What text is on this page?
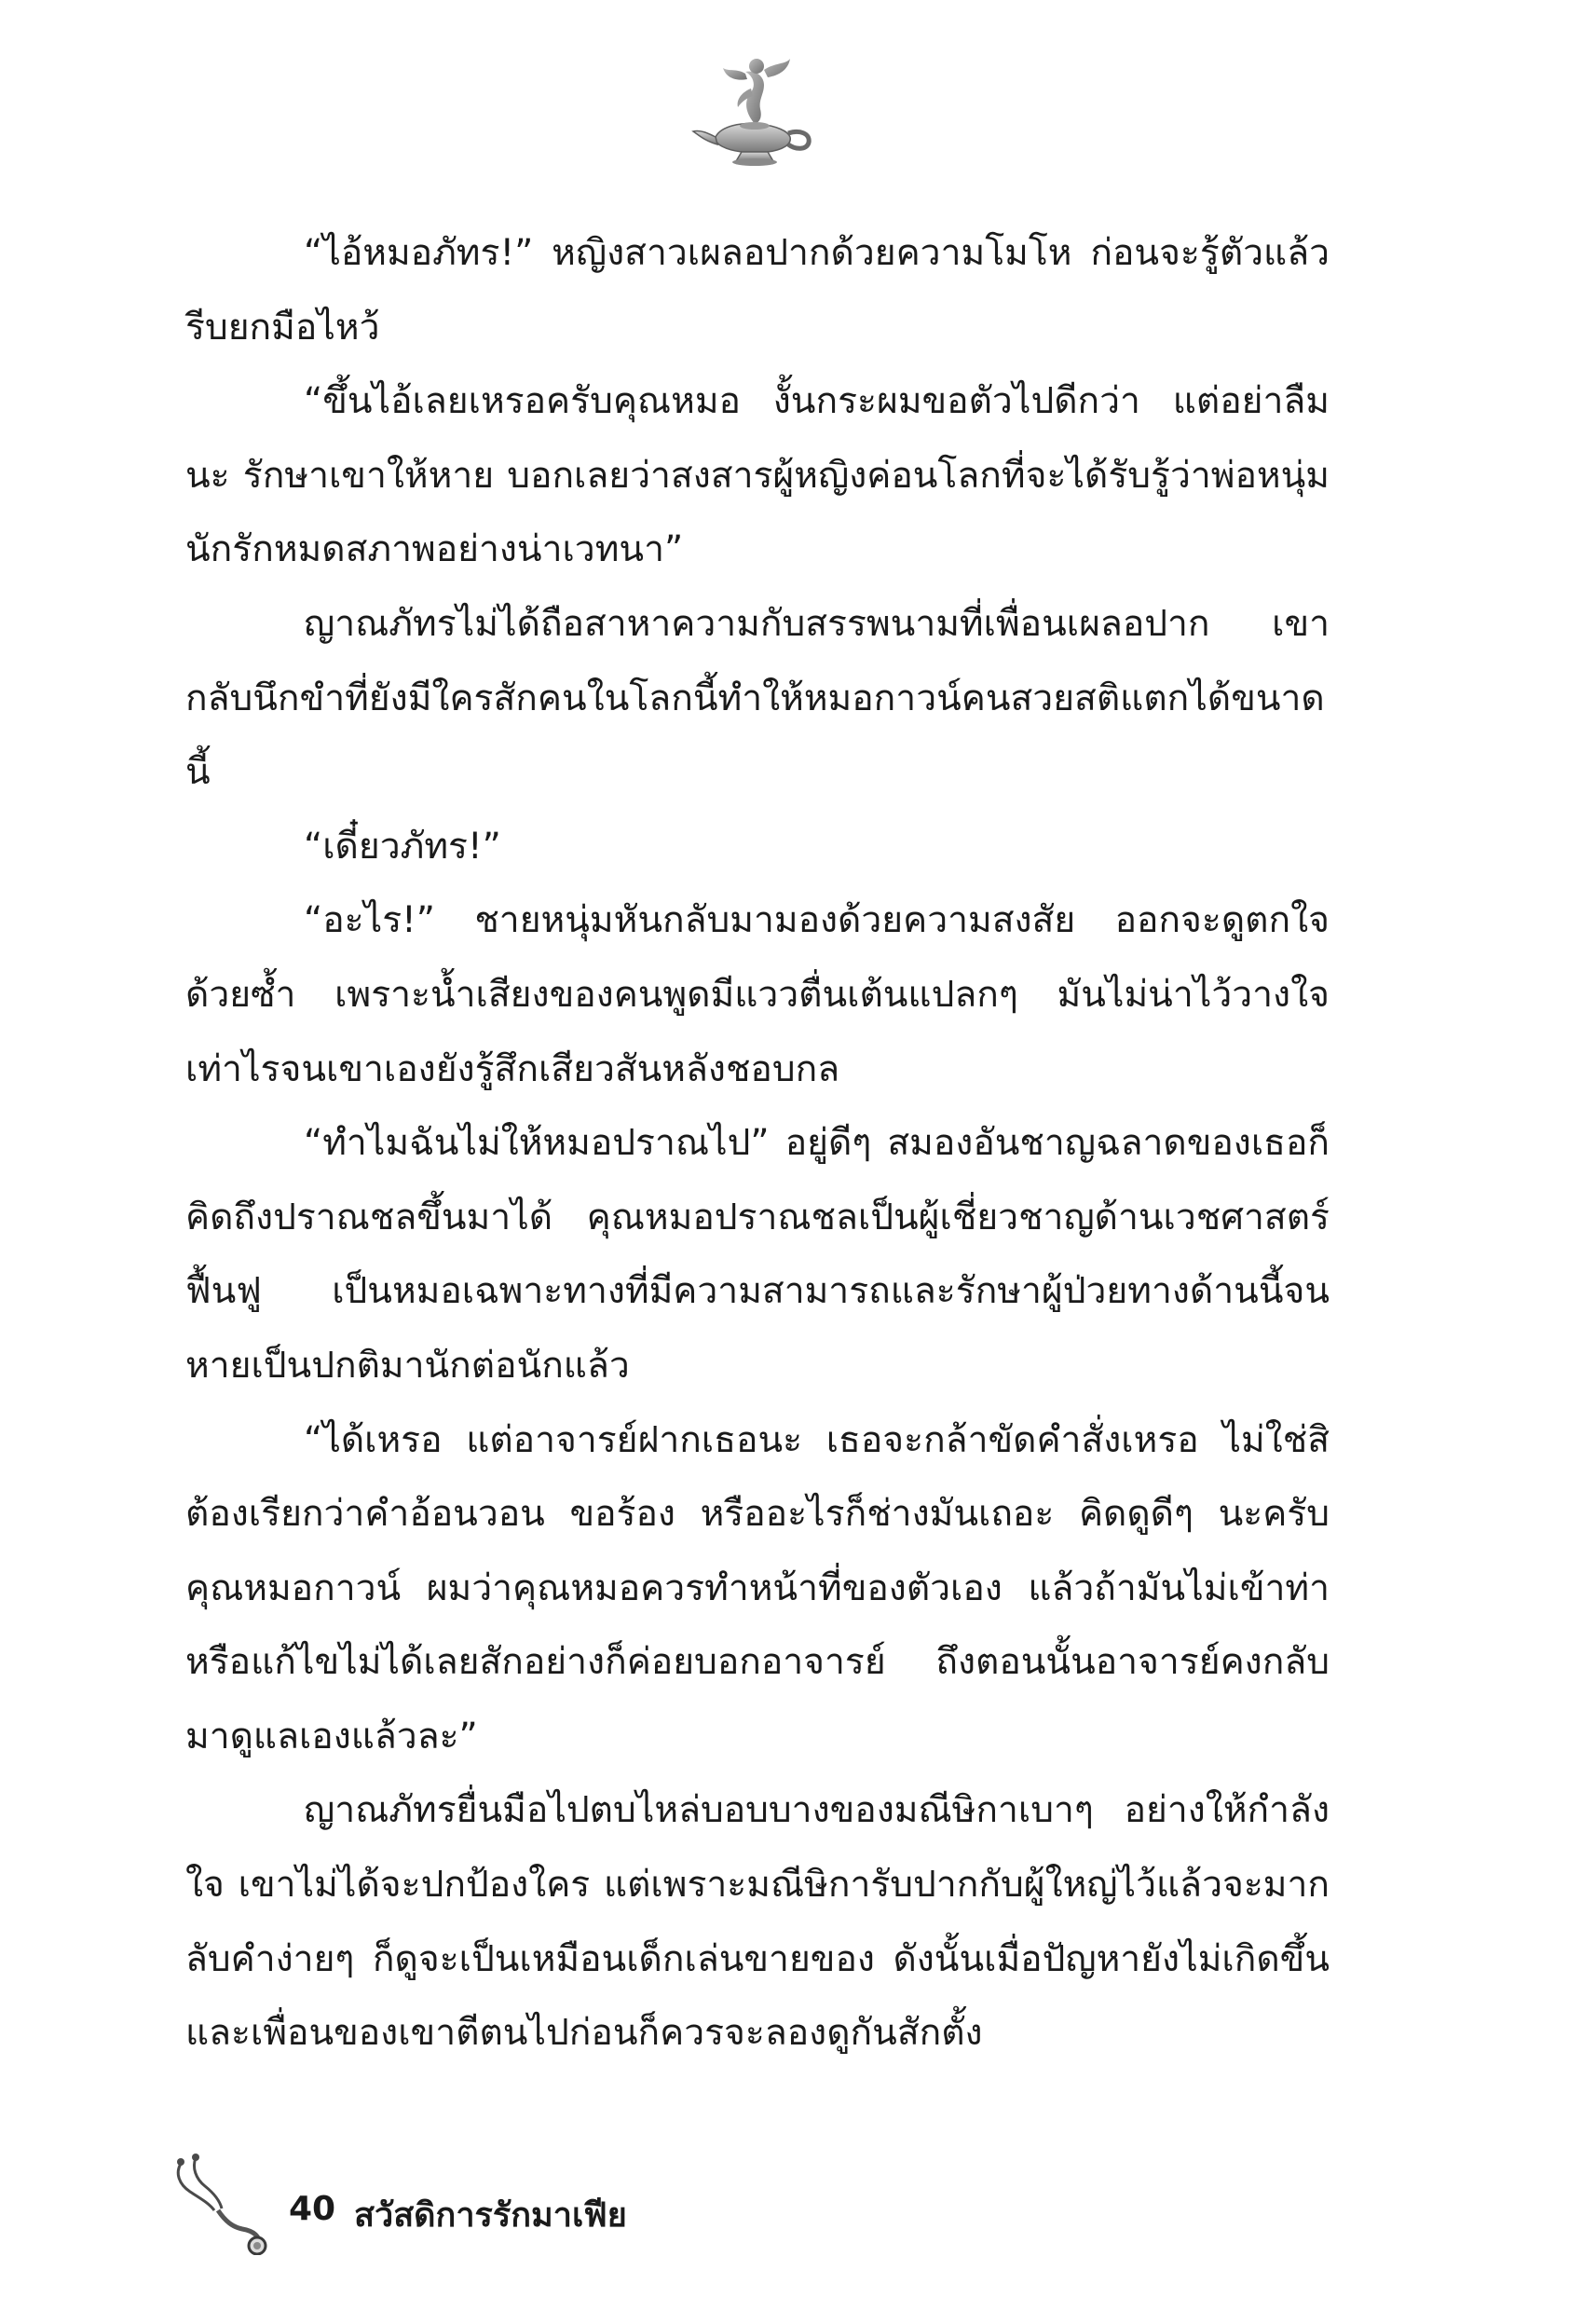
“ไอ้หมอภัทร!” หญิงสาวเผลอปากด้วยความโมโห ก่อนจะรู้ตัวแล้วรีบยกมือไหว้

“ขึ้นไอ้เลยเหรอครับคุณหมอ งั้นกระผมขอตัวไปดีกว่า แต่อย่าลืมนะ รักษาเขาให้หาย บอกเลยว่าสงสารผู้หญิงค่อนโลกที่จะได้รับรู้ว่าพ่อหนุ่มนักรักหมดสภาพอย่างน่าเวทนา”

ญาณภัทรไม่ได้ถือสาหาความกับสรรพนามที่เพื่อนเผลอปาก เขากลับนึกขำที่ยังมีใครสักคนในโลกนี้ทำให้หมอกาวน์คนสวยสติแตกได้ขนาดนี้

“เดี๋ยวภัทร!”

“อะไร!” ชายหนุ่มหันกลับมามองด้วยความสงสัย ออกจะดูตกใจด้วยซ้ำ เพราะน้ำเสียงของคนพูดมีแววตื่นเต้นแปลกๆ มันไม่น่าไว้วางใจเท่าไรจนเขาเองยังรู้สึกเสียวสันหลังชอบกล

“ทำไมฉันไม่ให้หมอปราณไป” อยู่ดีๆ สมองอันชาญฉลาดของเธอก็คิดถึงปราณชลขึ้นมาได้ คุณหมอปราณชลเป็นผู้เชี่ยวชาญด้านเวชศาสตร์ฟื้นฟู เป็นหมอเฉพาะทางที่มีความสามารถและรักษาผู้ป่วยทางด้านนี้จนหายเป็นปกติมานักต่อนักแล้ว

“ได้เหรอ แต่อาจารย์ฝากเธอนะ เธอจะกล้าขัดคำสั่งเหรอ ไม่ใช่สิต้องเรียกว่าคำอ้อนวอน ขอร้อง หรืออะไรก็ช่างมันเถอะ คิดดูดีๆ นะครับคุณหมอกาวน์ ผมว่าคุณหมอควรทำหน้าที่ของตัวเอง แล้วถ้ามันไม่เข้าท่าหรือแก้ไขไม่ได้เลยสักอย่างก็ค่อยบอกอาจารย์ ถึงตอนนั้นอาจารย์คงกลับมาดูแลเองแล้วละ”

ญาณภัทรยื่นมือไปตบไหล่บอบบางของมณีษิกาเบาๆ อย่างให้กำลังใจ เขาไม่ได้จะปกป้องใคร แต่เพราะมณีษิการับปากกับผู้ใหญ่ไว้แล้วจะมากลับคำง่ายๆ ก็ดูจะเป็นเหมือนเด็กเล่นขายของ ดังนั้นเมื่อปัญหายังไม่เกิดขึ้นและเพื่อนของเขาตีตนไปก่อนก็ควรจะลองดูกันสักตั้ง

40 สวัสดิการรักมาเฟีย
